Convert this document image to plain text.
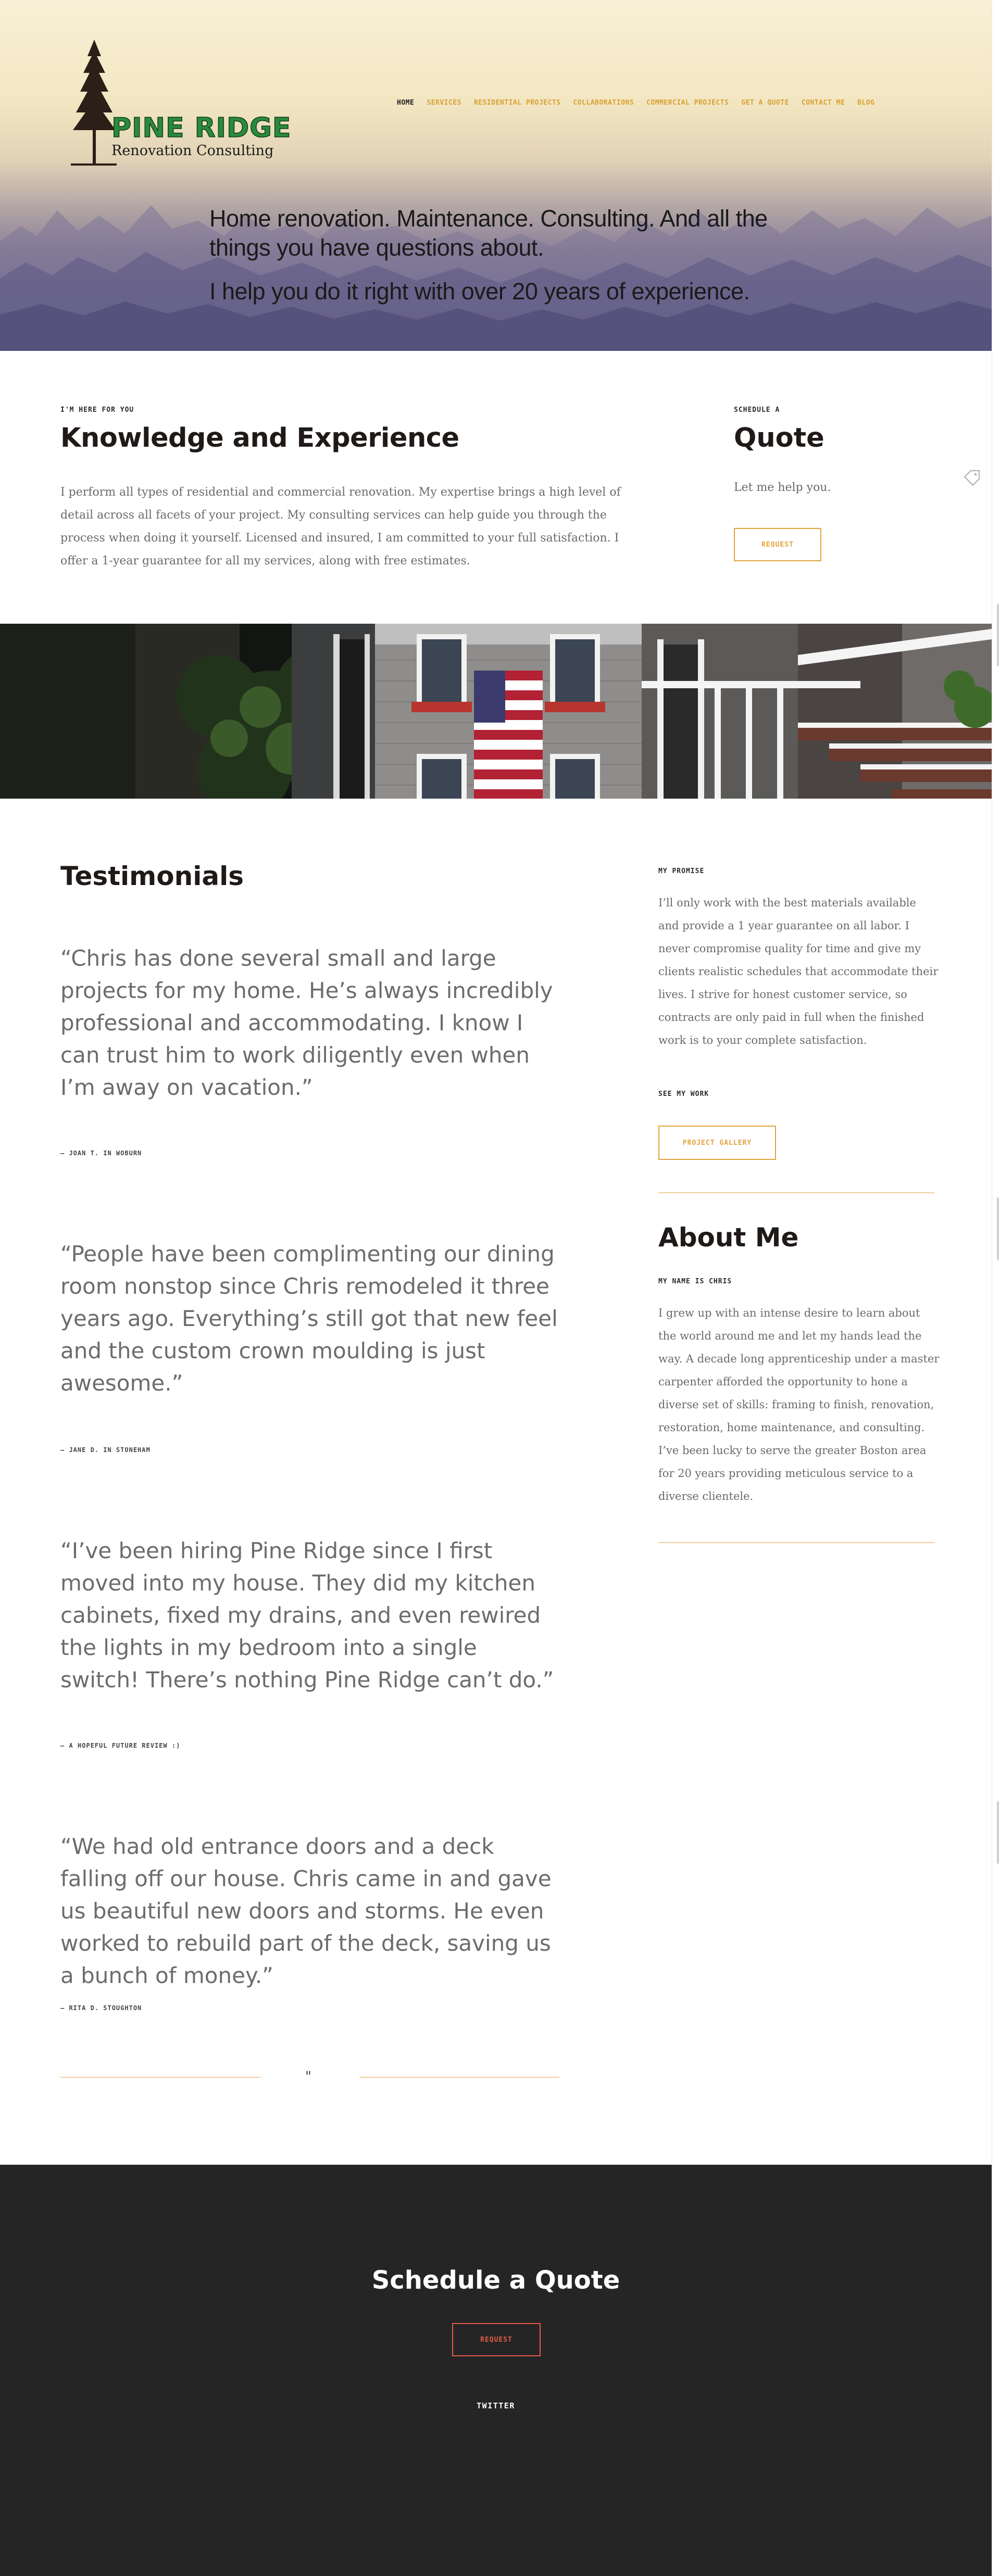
PINE RIDGE
Renovation Consulting
HOME SERVICES RESIDENTIAL PROJECTS COLLABORATIONS COMMERCIAL PROJECTS GET A QUOTE CONTACT ME BLOG

Home renovation. Maintenance. Consulting. And all the things you have questions about.

I help you do it right with over 20 years of experience.

I'M HERE FOR YOU
Knowledge and Experience

I perform all types of residential and commercial renovation. My expertise brings a high level of detail across all facets of your project. My consulting services can help guide you through the process when doing it yourself. Licensed and insured, I am committed to your full satisfaction. I offer a 1-year guarantee for all my services, along with free estimates.

SCHEDULE A
Quote

Let me help you.

REQUEST
Testimonials
“Chris has done several small and large projects for my home. He’s always incredibly professional and accommodating. I know I can trust him to work diligently even when I’m away on vacation.”
— JOAN T. IN WOBURN
“People have been complimenting our dining room nonstop since Chris remodeled it three years ago. Everything’s still got that new feel and the custom crown moulding is just awesome.”
— JANE D. IN STONEHAM
“I’ve been hiring Pine Ridge since I first moved into my house. They did my kitchen cabinets, fixed my drains, and even rewired the lights in my bedroom into a single switch! There’s nothing Pine Ridge can’t do.”
— A HOPEFUL FUTURE REVIEW :)
“We had old entrance doors and a deck falling off our house. Chris came in and gave us beautiful new doors and storms. He even worked to rebuild part of the deck, saving us a bunch of money.”
— RITA D. STOUGHTON
"
MY PROMISE

I’ll only work with the best materials available and provide a 1 year guarantee on all labor. I never compromise quality for time and give my clients realistic schedules that accommodate their lives. I strive for honest customer service, so contracts are only paid in full when the finished work is to your complete satisfaction.

SEE MY WORK
PROJECT GALLERY
About Me
MY NAME IS CHRIS

I grew up with an intense desire to learn about the world around me and let my hands lead the way. A decade long apprenticeship under a master carpenter afforded the opportunity to hone a diverse set of skills: framing to finish, renovation, restoration, home maintenance, and consulting. I’ve been lucky to serve the greater Boston area for 20 years providing meticulous service to a diverse clientele.

Schedule a Quote
REQUEST
TWITTER
